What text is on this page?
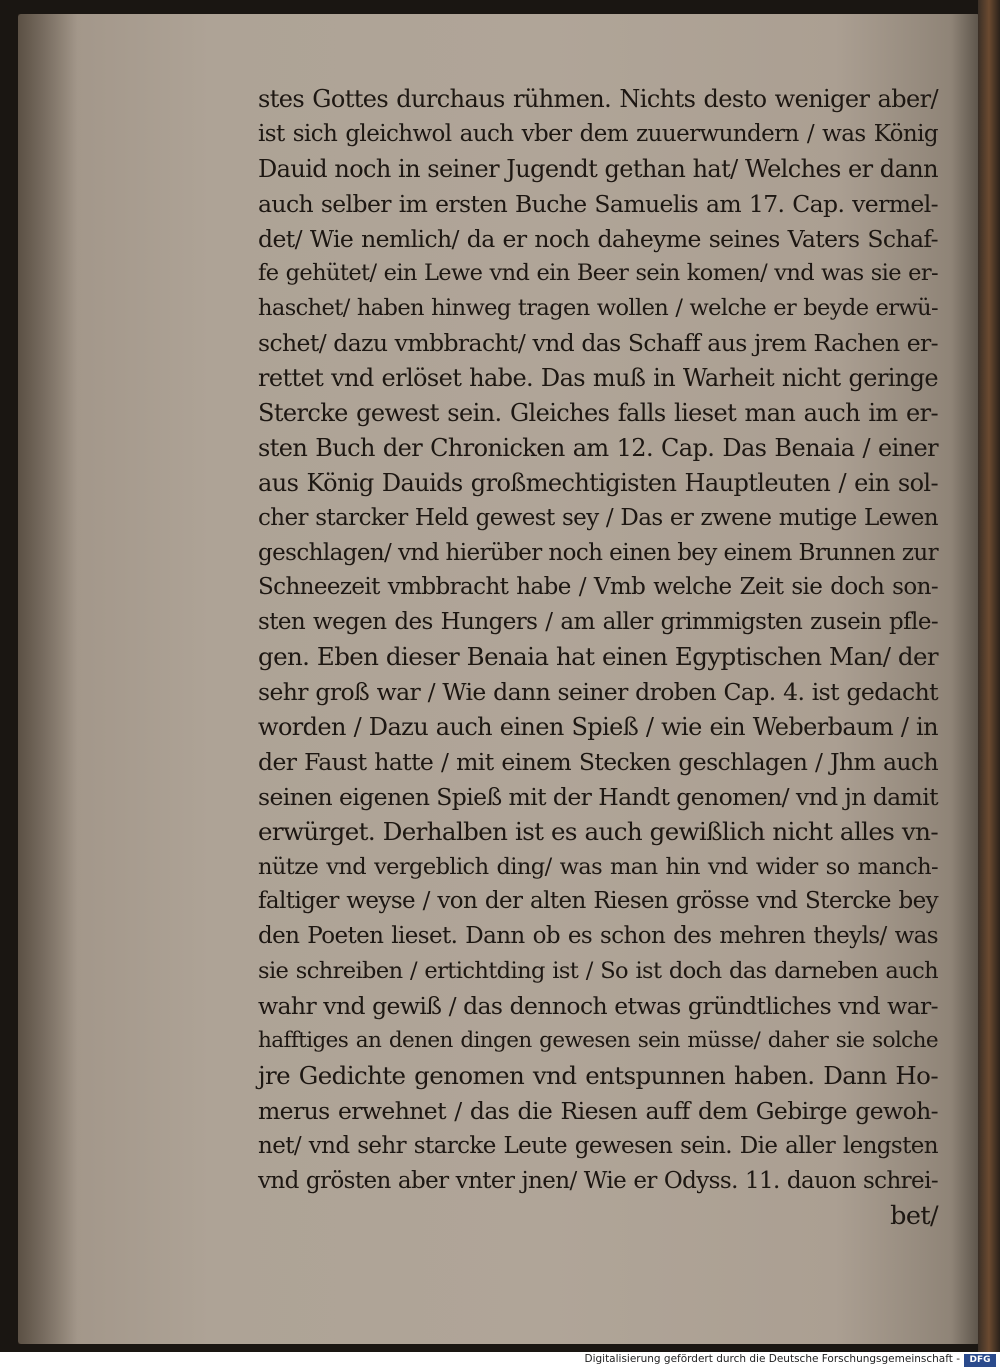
stes Gottes durchaus rühmen. Nichts desto weniger aber/
ist sich gleichwol auch vber dem zuuerwundern / was König
Dauid noch in seiner Jugendt gethan hat/ Welches er dann
auch selber im ersten Buche Samuelis am 17. Cap. vermel-
det/ Wie nemlich/ da er noch daheyme seines Vaters Schaf-
fe gehütet/ ein Lewe vnd ein Beer sein komen/ vnd was sie er-
haschet/ haben hinweg tragen wollen / welche er beyde erwü-
schet/ dazu vmbbracht/ vnd das Schaff aus jrem Rachen er-
rettet vnd erlöset habe. Das muß in Warheit nicht geringe
Stercke gewest sein. Gleiches falls lieset man auch im er-
sten Buch der Chronicken am 12. Cap. Das Benaia / einer
aus König Dauids großmechtigisten Hauptleuten / ein sol-
cher starcker Held gewest sey / Das er zwene mutige Lewen
geschlagen/ vnd hierüber noch einen bey einem Brunnen zur
Schneezeit vmbbracht habe / Vmb welche Zeit sie doch son-
sten wegen des Hungers / am aller grimmigsten zusein pfle-
gen. Eben dieser Benaia hat einen Egyptischen Man/ der
sehr groß war / Wie dann seiner droben Cap. 4. ist gedacht
worden / Dazu auch einen Spieß / wie ein Weberbaum / in
der Faust hatte / mit einem Stecken geschlagen / Jhm auch
seinen eigenen Spieß mit der Handt genomen/ vnd jn damit
erwürget. Derhalben ist es auch gewißlich nicht alles vn-
nütze vnd vergeblich ding/ was man hin vnd wider so manch-
faltiger weyse / von der alten Riesen grösse vnd Stercke bey
den Poeten lieset. Dann ob es schon des mehren theyls/ was
sie schreiben / ertichtding ist / So ist doch das darneben auch
wahr vnd gewiß / das dennoch etwas gründtliches vnd war-
hafftiges an denen dingen gewesen sein müsse/ daher sie solche
jre Gedichte genomen vnd entspunnen haben. Dann Ho-
merus erwehnet / das die Riesen auff dem Gebirge gewoh-
net/ vnd sehr starcke Leute gewesen sein. Die aller lengsten
vnd grösten aber vnter jnen/ Wie er Odyss. 11. dauon schrei-
bet/
Digitalisierung gefördert durch die Deutsche Forschungsgemeinschaft -	DFG
